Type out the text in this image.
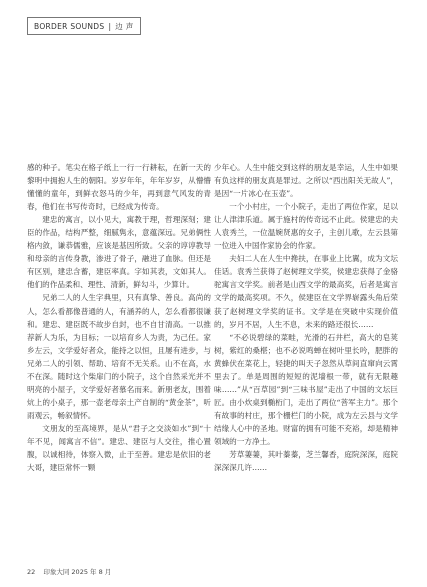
BORDER SOUNDS | 边 声

感的种子。笔尖在格子纸上一行一行耕耘，在新一天的黎明中拥抱人生的朝阳。岁岁年年，年年岁岁，从懵懵懂懂的童年，到鲜衣怒马的少年，再到意气风发的青春，他们在书写传奇时，已经成为传奇。

建忠的寓言，以小见大，寓教于理，哲理深刻；建臣的作品，结构严整，细腻隽永，意蕴深远。兄弟俩性格内敛，谦恭儒雅，应该是基因所致。父亲的谆谆教导和母亲的言传身教，渗进了骨子，融进了血脉。但还是有区别，建忠含蓄，建臣率真。字如其表，文如其人。他们的作品柔和、理性、清新，鲜勾斗，少算计。

兄弟二人的人生字典里，只有真挚、善良。高尚的人，怎么看都像普通的人，有涵养的人，怎么看都很谦和。建忠、建臣既不故步自封，也不自甘清高。一以推荐新人为乐，为目标；一以培育乡人为责，为己任。家乡左云，文学爱好者众，能持之以恒，且屡有进步，与兄弟二人的引领、帮助、培育不无关系。山不在高，水不在深。随时这个柴扉门的小院子，这个自然采光并不明亮的小屋子，文学爱好者慕名而来。新朋老友，围着炕上的小桌子，那一壶老母亲土产自制的“黄金茶”，听雨观云，畅叙情怀。

文朋友的至高境界，是从“君子之交淡如水”到“十年不见，闻寓言不信”。建忠、建臣与人交往，推心置腹，以诚相待，体察入微，止于至善。建忠是依旧的老大哥，建臣常怀一颗

少年心。人生中能交到这样的朋友是幸运，人生中如果有负这样的朋友真是罪过。之所以“西出阳关无故人”，是因“一片冰心在玉壶”。

一个小村庄，一个小院子，走出了两位作家，足以让人津津乐道。属于施村的传奇远不止此。侯建忠的夫人袁秀兰，一位温婉贤惠的女子，主创儿歌，左云县第一位进入中国作家协会的作家。

夫妇二人在人生中搀扶，在事业上比翼，成为文坛佳话。袁秀兰获得了赵树理文学奖，侯建忠获得了金骆驼寓言文学奖。前者是山西文学的最高奖，后者是寓言文学的最高奖项。不久，侯建臣在文学界崭露头角后荣获了赵树理文学奖的证书。文学是在突破中实现价值的，岁月不居，人生不息，未来的路还很长……

“不必说碧绿的菜畦，光滑的石井栏，高大的皂荚树，紫红的桑椹；也不必说鸣蝉在树叶里长吟，肥胖的黄蜂伏在菜花上，轻捷的叫天子忽然从草间直窜向云霄里去了。单是周围的短短的泥墙根一带，就有无限趣味……”从“百草园”到“三味书屋”走出了中国的文坛巨匠。由小炊桌到椭桁门，走出了两位“菩军主力”。那个有故事的村庄，那个栅栏门的小院，成为左云县与文学结缘人心中的圣地。财富的拥有可能不充裕，却是精神领域的一方净土。

芳草萋萋，其叶蓁蓁，芝兰馨香，庭院深深，庭院深深深几许……

22 印象大同 2025 年 8 月
